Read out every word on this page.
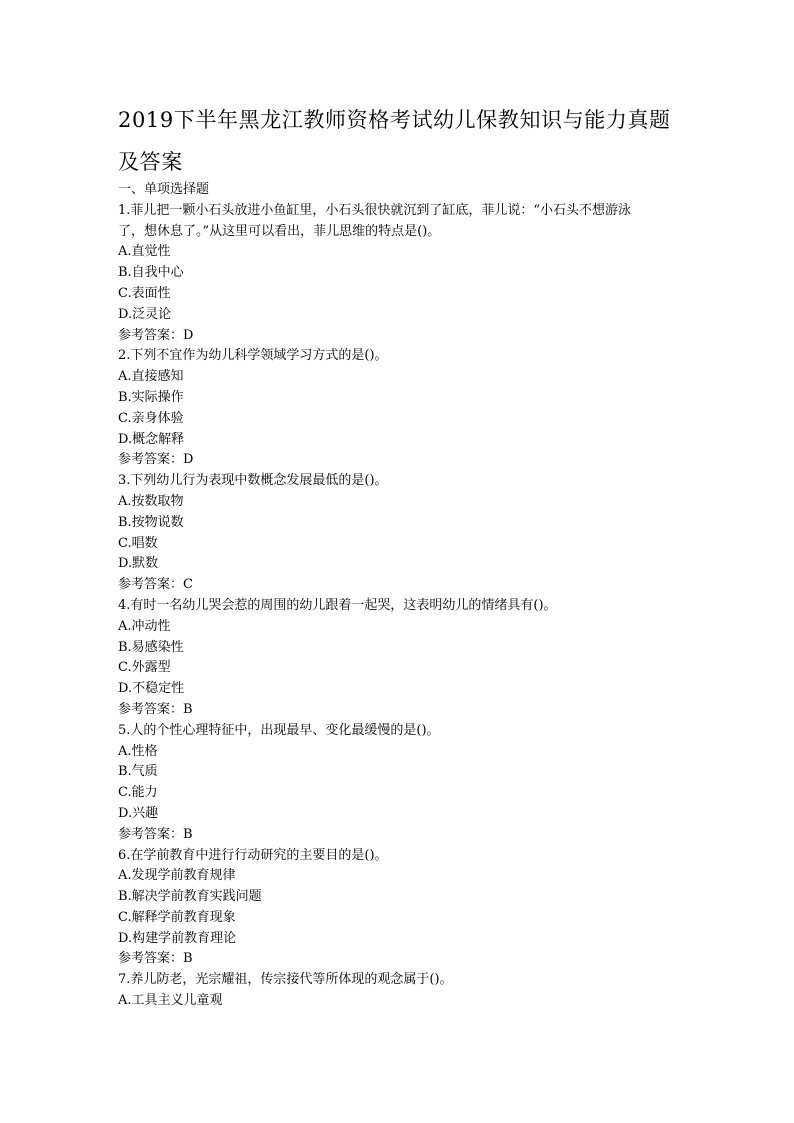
2019下半年黑龙江教师资格考试幼儿保教知识与能力真题
及答案
一、单项选择题
1.菲儿把一颗小石头放进小鱼缸里，小石头很快就沉到了缸底，菲儿说：“小石头不想游泳
了，想休息了。”从这里可以看出，菲儿思维的特点是()。
A.直觉性
B.自我中心
C.表面性
D.泛灵论
参考答案：D
2.下列不宜作为幼儿科学领域学习方式的是()。
A.直接感知
B.实际操作
C.亲身体验
D.概念解释
参考答案：D
3.下列幼儿行为表现中数概念发展最低的是()。
A.按数取物
B.按物说数
C.唱数
D.默数
参考答案：C
4.有时一名幼儿哭会惹的周围的幼儿跟着一起哭，这表明幼儿的情绪具有()。
A.冲动性
B.易感染性
C.外露型
D.不稳定性
参考答案：B
5.人的个性心理特征中，出现最早、变化最缓慢的是()。
A.性格
B.气质
C.能力
D.兴趣
参考答案：B
6.在学前教育中进行行动研究的主要目的是()。
A.发现学前教育规律
B.解决学前教育实践问题
C.解释学前教育现象
D.构建学前教育理论
参考答案：B
7.养儿防老，光宗耀祖，传宗接代等所体现的观念属于()。
A.工具主义儿童观
